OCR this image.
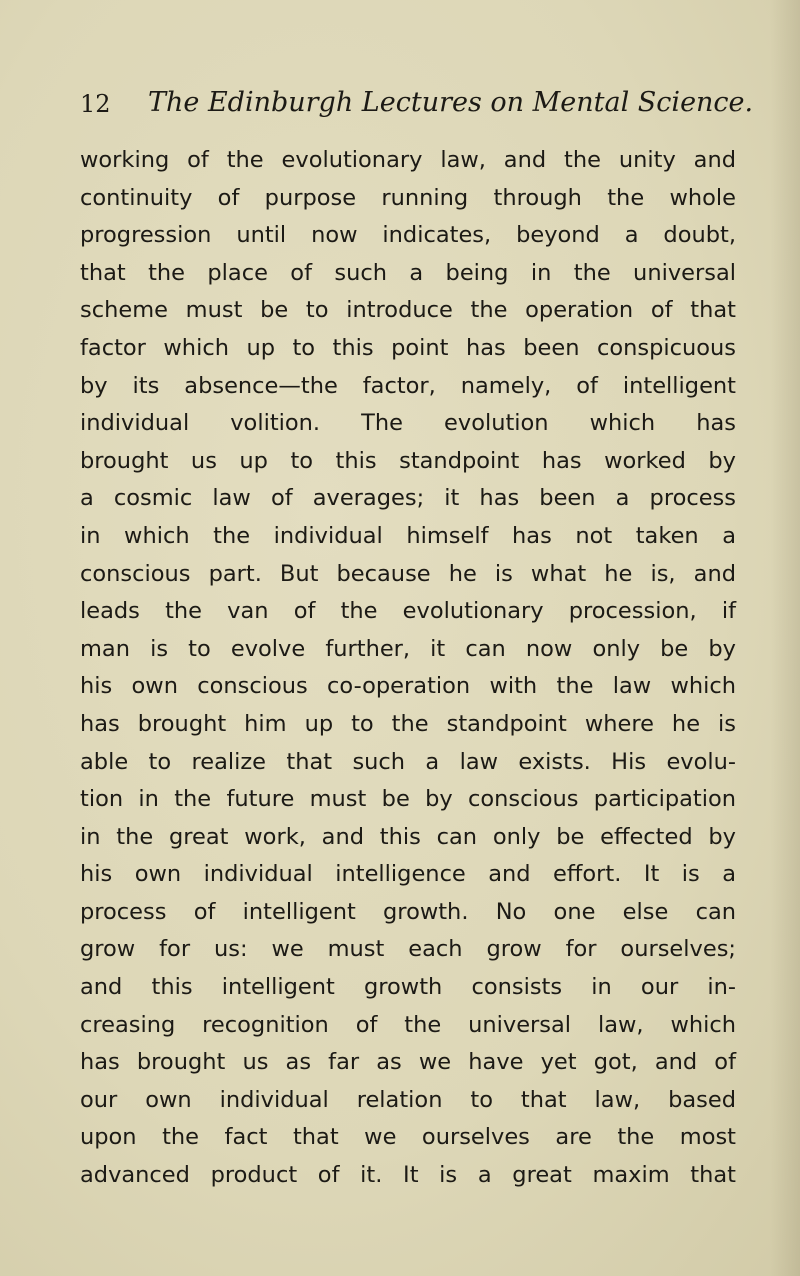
12 The Edinburgh Lectures on Mental Science.
working of the evolutionary law, and the unity and
continuity of purpose running through the whole
progression until now indicates, beyond a doubt,
that the place of such a being in the universal
scheme must be to introduce the operation of that
factor which up to this point has been conspicuous
by its absence—the factor, namely, of intelligent
individual volition. The evolution which has
brought us up to this standpoint has worked by
a cosmic law of averages; it has been a process
in which the individual himself has not taken a
conscious part. But because he is what he is, and
leads the van of the evolutionary procession, if
man is to evolve further, it can now only be by
his own conscious co-operation with the law which
has brought him up to the standpoint where he is
able to realize that such a law exists. His evolu-
tion in the future must be by conscious participation
in the great work, and this can only be effected by
his own individual intelligence and effort. It is a
process of intelligent growth. No one else can
grow for us: we must each grow for ourselves;
and this intelligent growth consists in our in-
creasing recognition of the universal law, which
has brought us as far as we have yet got, and of
our own individual relation to that law, based
upon the fact that we ourselves are the most
advanced product of it. It is a great maxim that
